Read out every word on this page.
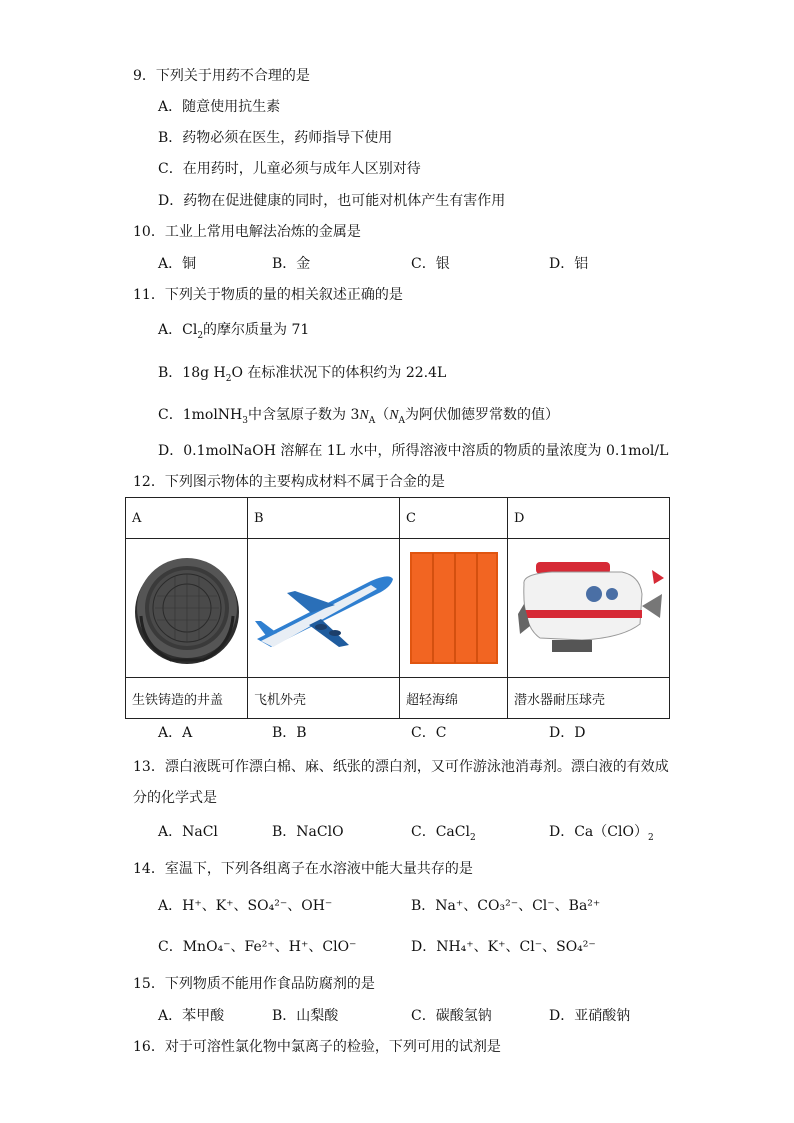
9．下列关于用药不合理的是
A．随意使用抗生素
B．药物必须在医生，药师指导下使用
C．在用药时，儿童必须与成年人区别对待
D．药物在促进健康的同时，也可能对机体产生有害作用
10．工业上常用电解法冶炼的金属是
A．铜	B．金	C．银	D．铝
11．下列关于物质的量的相关叙述正确的是
A．$Cl_2$的摩尔质量为 71
B．18g $H_2O$ 在标准状况下的体积约为 22.4L
C．1molNH$_3$中含氢原子数为 $3N_A(N_A$为阿伏伽德罗常数的值）
D．0.1molNaOH 溶解在 1L 水中，所得溶液中溶质的物质的量浓度为 0.1mol/L
12．下列图示物体的主要构成材料不属于合金的是
A	B	C	D

生铁铸造的井盖	飞机外壳	超轻海绵	潜水器耐压球壳
A．A	B．B	C．C	D．D
13．漂白液既可作漂白棉、麻、纸张的漂白剂，又可作游泳池消毒剂。漂白液的有效成
分的化学式是
A．NaCl	B．NaClO	C．CaCl$_2$	D．$Ca(ClO)_2$
14．室温下，下列各组离子在水溶液中能大量共存的是
A．H⁺、K⁺、SO₄²⁻、OH⁻	B．Na⁺、CO₃²⁻、Cl⁻、Ba²⁺
C．MnO₄⁻、Fe²⁺、H⁺、ClO⁻	D．NH₄⁺、K⁺、Cl⁻、SO₄²⁻
15．下列物质不能用作食品防腐剂的是
A．苯甲酸	B．山梨酸	C．碳酸氢钠	D．亚硝酸钠
16．对于可溶性氯化物中氯离子的检验，下列可用的试剂是
